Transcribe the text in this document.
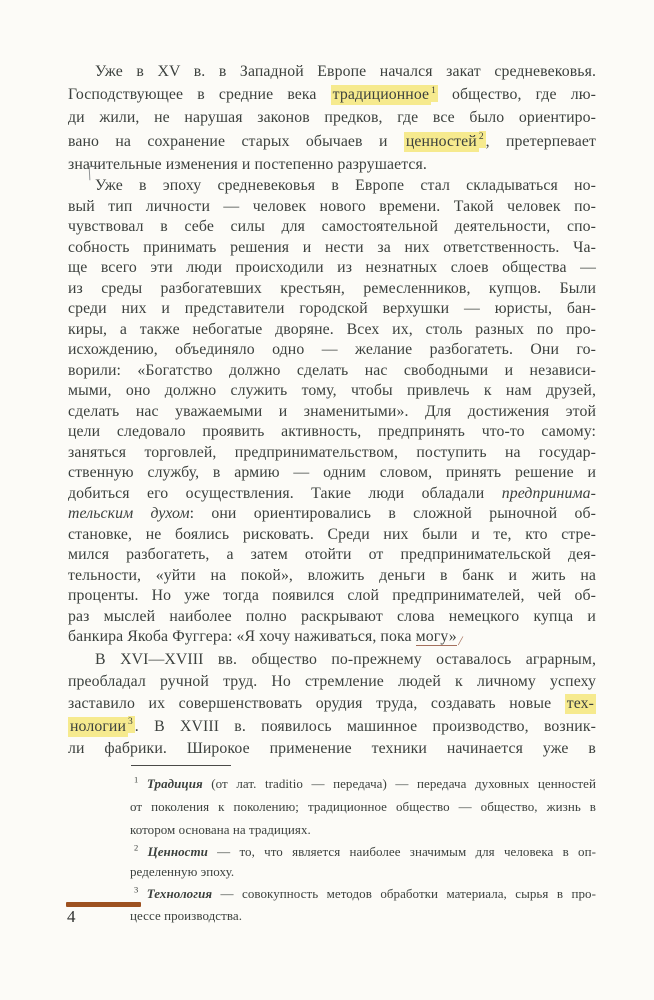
Уже в XV в. в Западной Европе начался закат средневековья.
Господствующее в средние века традиционное $^1$ общество, где лю-
ди жили, не нарушая законов предков, где все было ориентиро-
вано на сохранение старых обычаев и ценностей $^2$ , претерпевает
значительные изменения и постепенно разрушается.
Уже в эпоху средневековья в Европе стал складываться но-
вый тип личности — человек нового времени. Такой человек по-
чувствовал в себе силы для самостоятельной деятельности, спо-
собность принимать решения и нести за них ответственность. Ча-
ще всего эти люди происходили из незнатных слоев общества —
из среды разбогатевших крестьян, ремесленников, купцов. Были
среди них и представители городской верхушки — юристы, бан-
киры, а также небогатые дворяне. Всех их, столь разных по про-
исхождению, объединяло одно — желание разбогатеть. Они го-
ворили: «Богатство должно сделать нас свободными и независи-
мыми, оно должно служить тому, чтобы привлечь к нам друзей,
сделать нас уважаемыми и знаменитыми». Для достижения этой
цели следовало проявить активность, предпринять что-то самому:
заняться торговлей, предпринимательством, поступить на государ-
ственную службу, в армию — одним словом, принять решение и
добиться его осуществления. Такие люди обладали предпринима-
тельским духом: они ориентировались в сложной рыночной об-
становке, не боялись рисковать. Среди них были и те, кто стре-
мился разбогатеть, а затем отойти от предпринимательской дея-
тельности, «уйти на покой», вложить деньги в банк и жить на
проценты. Но уже тогда появился слой предпринимателей, чей об-
раз мыслей наиболее полно раскрывают слова немецкого купца и
банкира Якоба Фуггера: «Я хочу наживаться, пока могу»/
В XVI—XVIII вв. общество по-прежнему оставалось аграрным,
преобладал ручной труд. Но стремление людей к личному успеху
заставило их совершенствовать орудия труда, создавать новые тех-
нологии $^3$ . В XVIII в. появилось машинное производство, возник-
ли фабрики. Широкое применение техники начинается уже в
$^1$ Традиция (от лат. traditio — передача) — передача духовных ценностей
от поколения к поколению; традиционное общество — общество, жизнь в
котором основана на традициях.
$^2$ Ценности — то, что является наиболее значимым для человека в оп-
ределенную эпоху.
$^3$ Технология — совокупность методов обработки материала, сырья в про-
цессе производства.
4
